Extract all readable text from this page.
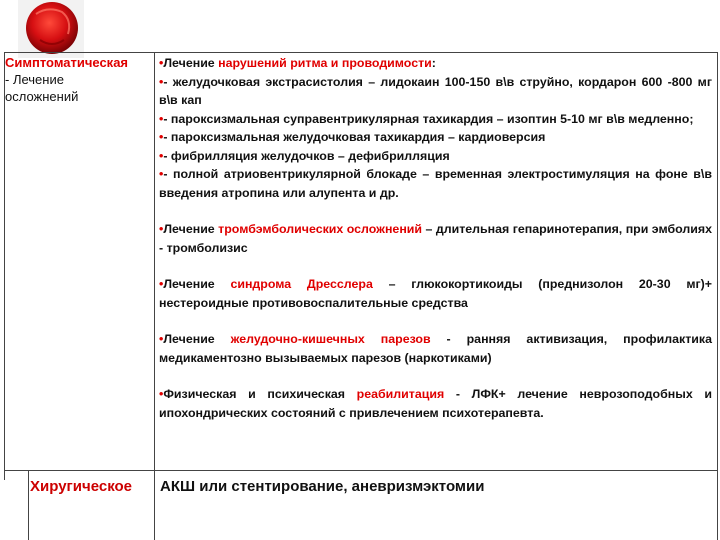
Симптоматическая
- Лечение
осложнений

•Лечение нарушений ритма и проводимости:

•- желудочковая экстрасистолия – лидокаин 100-150 в\в струйно, кордарон 600 -800 мг в\в кап

•- пароксизмальная суправентрикулярная тахикардия – изоптин 5-10 мг в\в медленно;

•- пароксизмальная желудочковая тахикардия – кардиоверсия

•- фибрилляция желудочков – дефибрилляция

•- полной атриовентрикулярной блокаде – временная электростимуляция на фоне в\в введения атропина или алупента и др.

•Лечение тромбэмболических осложнений – длительная гепаринотерапия, при эмболиях - тромболизис

•Лечение синдрома Дресслера – глюкокортикоиды (преднизолон 20-30 мг)+ нестероидные противовоспалительные средства

•Лечение желудочно-кишечных парезов - ранняя активизация, профилактика медикаментозно вызываемых парезов (наркотиками)

•Физическая и психическая реабилитация - ЛФК+ лечение неврозоподобных и ипохондрических состояний с привлечением психотерапевта.

Хиругическое АКШ или стентирование, аневризмэктомии
